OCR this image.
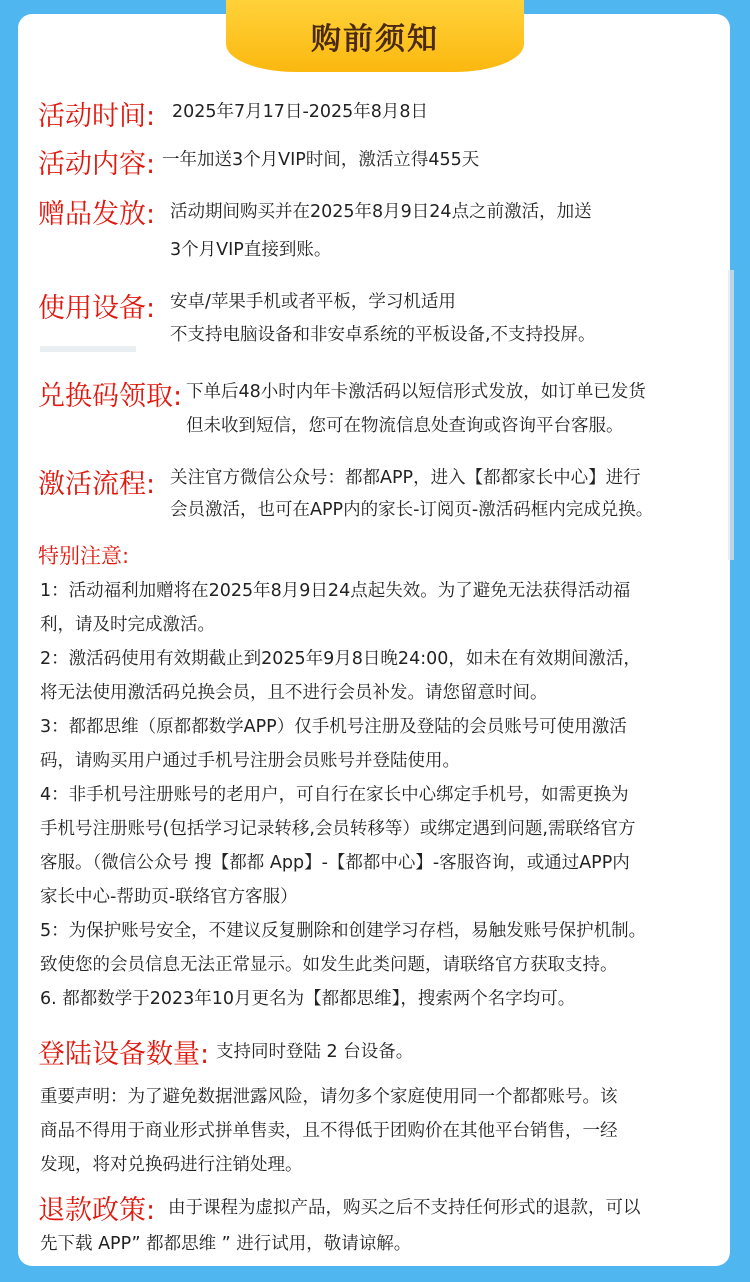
购前须知
活动时间: 2025年7月17日-2025年8月8日
活动内容: 一年加送3个月VIP时间，激活立得455天
赠品发放: 活动期间购买并在2025年8月9日24点之前激活，加送
3个月VIP直接到账。
使用设备: 安卓/苹果手机或者平板，学习机适用
不支持电脑设备和非安卓系统的平板设备,不支持投屏。
兑换码领取: 下单后48小时内年卡激活码以短信形式发放，如订单已发货
但未收到短信，您可在物流信息处查询或咨询平台客服。
激活流程: 关注官方微信公众号：都都APP，进入【都都家长中心】进行
会员激活，也可在APP内的家长-订阅页-激活码框内完成兑换。
特别注意:
1：活动福利加赠将在2025年8月9日24点起失效。为了避免无法获得活动福
利，请及时完成激活。
2：激活码使用有效期截止到2025年9月8日晚24:00，如未在有效期间激活，
将无法使用激活码兑换会员，且不进行会员补发。请您留意时间。
3：都都思维（原都都数学APP）仅手机号注册及登陆的会员账号可使用激活
码，请购买用户通过手机号注册会员账号并登陆使用。
4：非手机号注册账号的老用户，可自行在家长中心绑定手机号，如需更换为
手机号注册账号(包括学习记录转移,会员转移等）或绑定遇到问题,需联络官方
客服。（微信公众号 搜【都都 App】-【都都中心】-客服咨询，或通过APP内
家长中心-帮助页-联络官方客服）
5：为保护账号安全，不建议反复删除和创建学习存档，易触发账号保护机制。
致使您的会员信息无法正常显示。如发生此类问题，请联络官方获取支持。
6. 都都数学于2023年10月更名为【都都思维】，搜索两个名字均可。
登陆设备数量: 支持同时登陆 2 台设备。
重要声明：为了避免数据泄露风险，请勿多个家庭使用同一个都都账号。该
商品不得用于商业形式拼单售卖，且不得低于团购价在其他平台销售，一经
发现，将对兑换码进行注销处理。
退款政策: 由于课程为虚拟产品，购买之后不支持任何形式的退款，可以
先下载 APP” 都都思维 ” 进行试用，敬请谅解。
